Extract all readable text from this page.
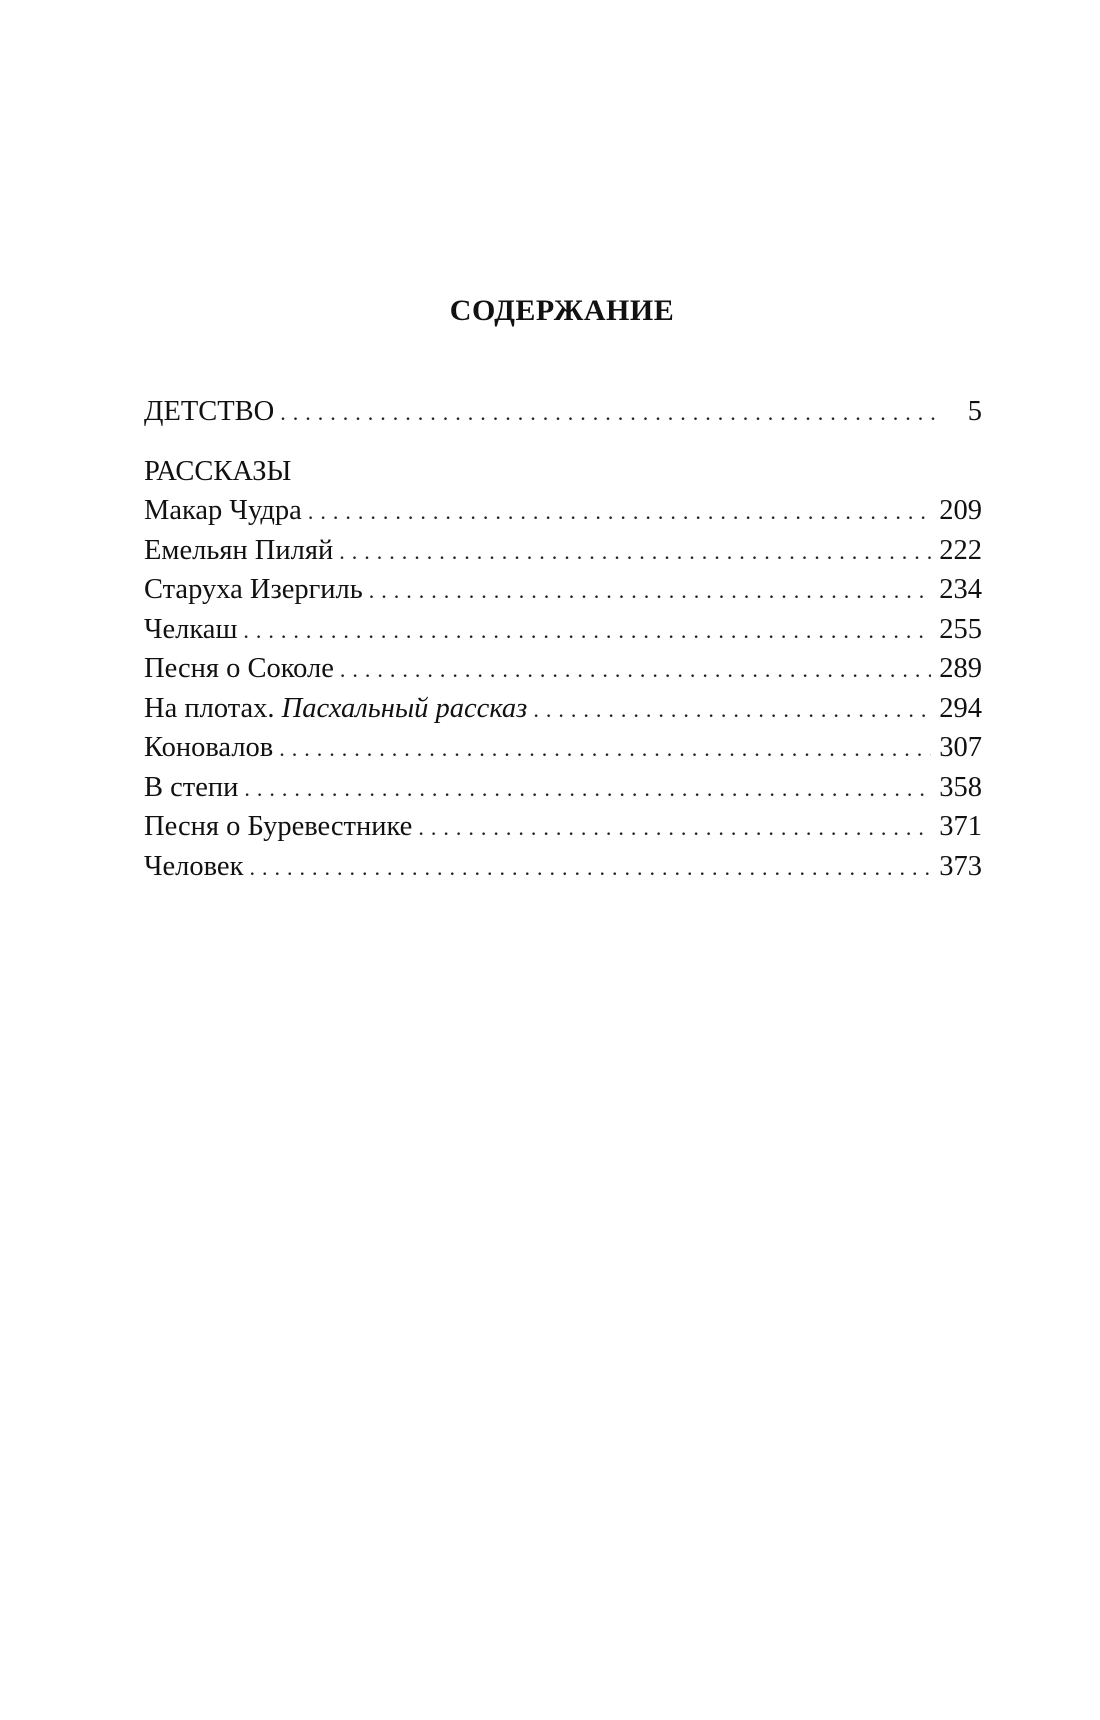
СОДЕРЖАНИЕ
ДЕТСТВО . . .	5
РАССКАЗЫ
Макар Чудра . . .	209
Емельян Пиляй . . .	222
Старуха Изергиль . . .	234
Челкаш . . .	255
Песня о Соколе . . .	289
На плотах. Пасхальный рассказ . . .	294
Коновалов . . .	307
В степи . . .	358
Песня о Буревестнике . . .	371
Человек . . .	373
